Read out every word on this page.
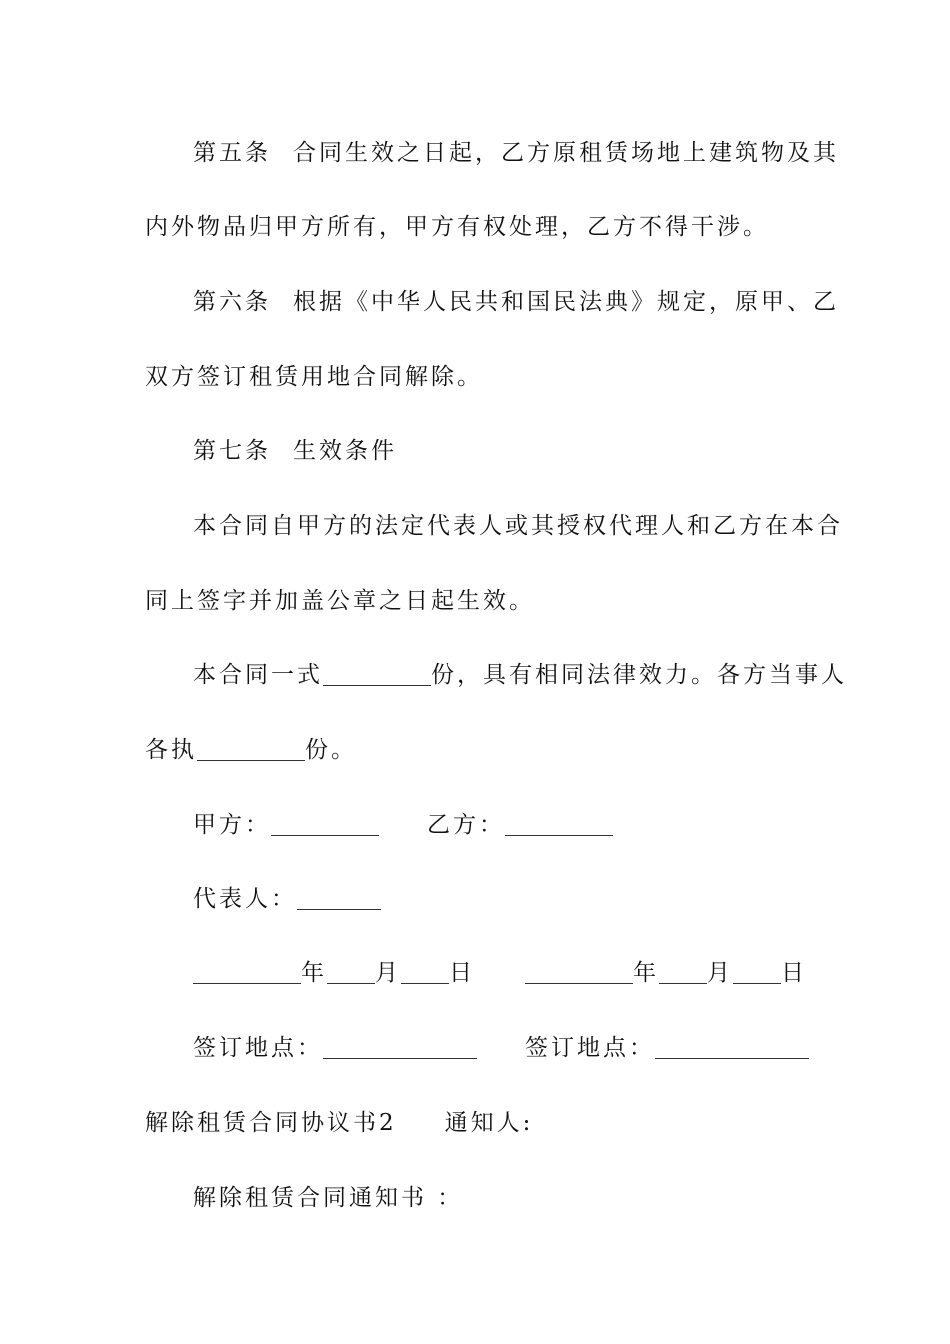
第五条 合同生效之日起，乙方原租赁场地上建筑物及其
内外物品归甲方所有，甲方有权处理，乙方不得干涉。
第六条 根据《中华人民共和国民法典》规定，原甲、乙
双方签订租赁用地合同解除。
第七条 生效条件
本合同自甲方的法定代表人或其授权代理人和乙方在本合
同上签字并加盖公章之日起生效。
本合同一式	份，具有相同法律效力。各方当事人
各执	份。
甲方：	乙方：
代表人：
年 月 日	年 月 日
签订地点：	签订地点：
解除租赁合同协议书2 通知人:
解除租赁合同通知书 ：
